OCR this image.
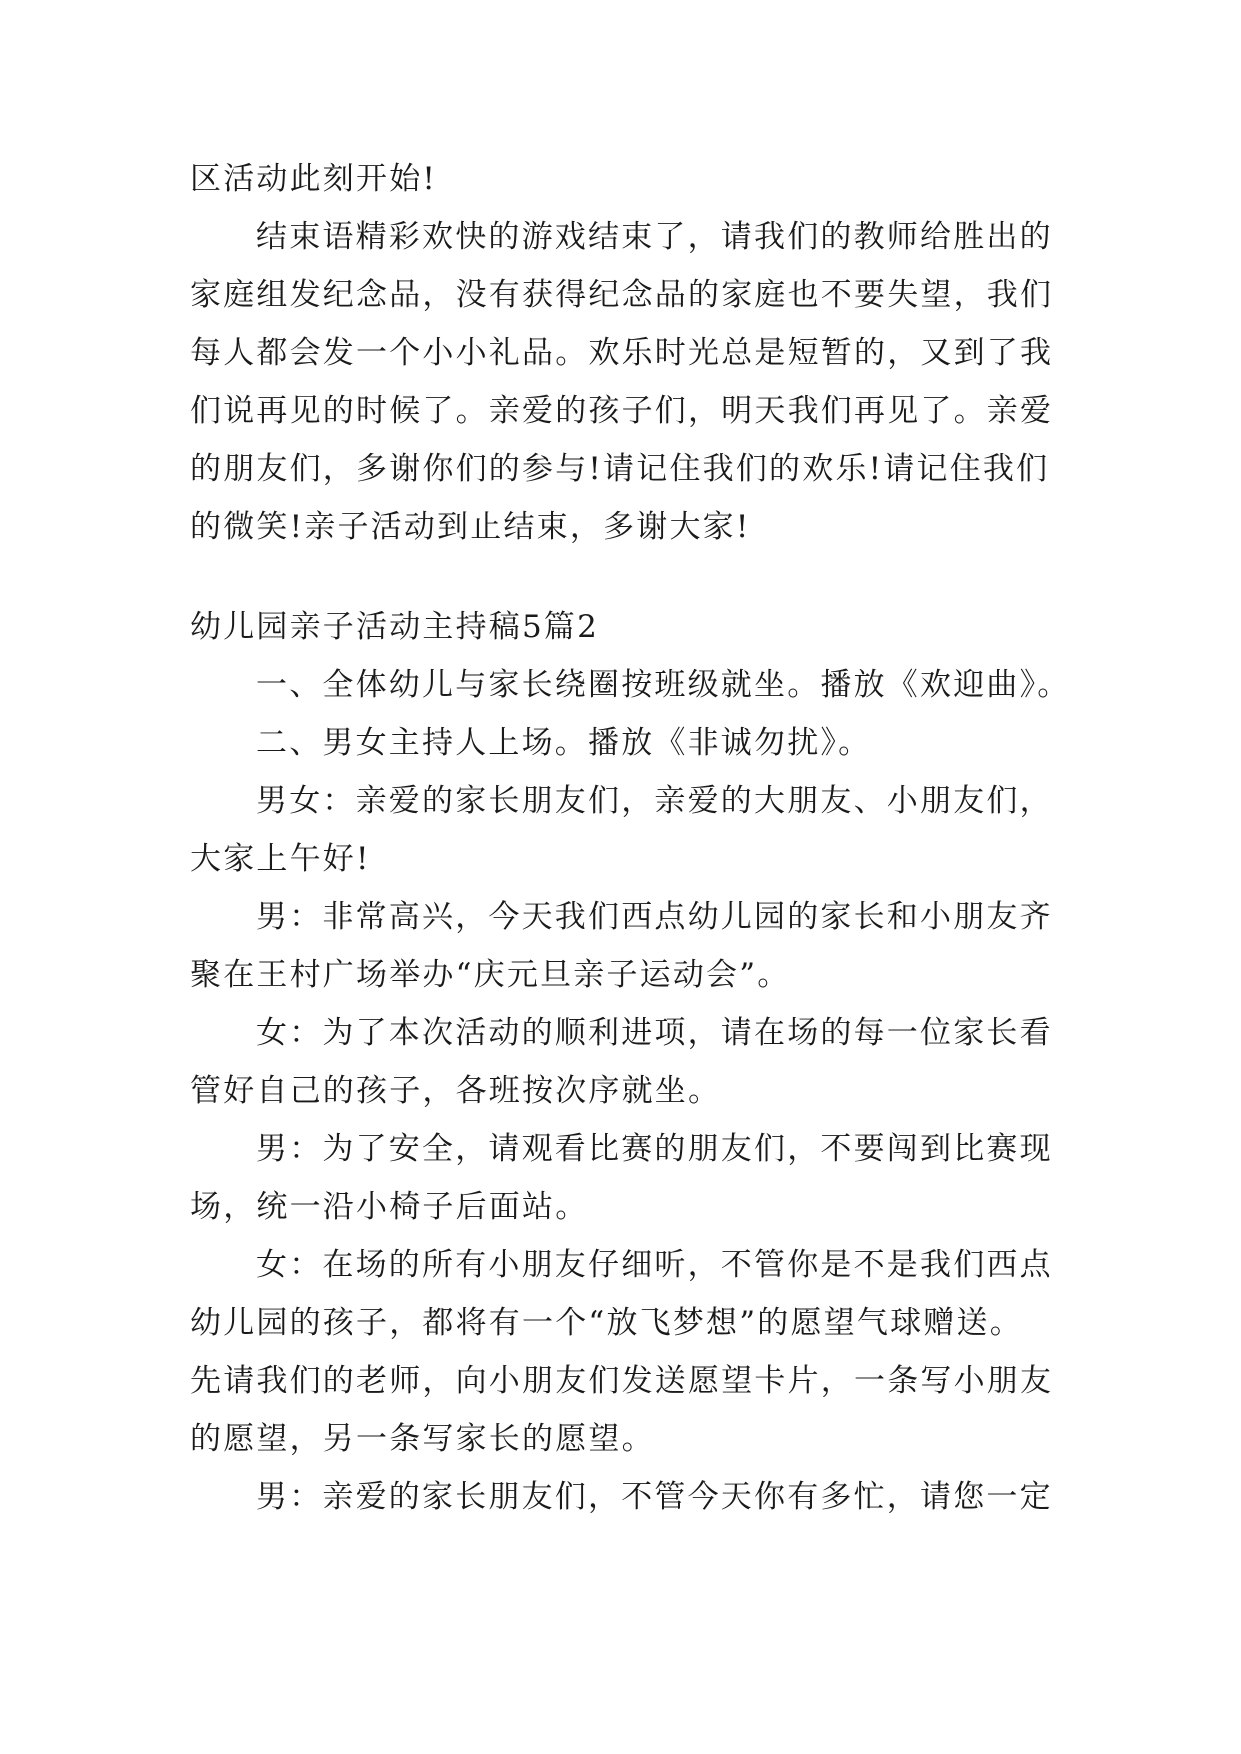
区活动此刻开始!

结束语精彩欢快的游戏结束了，请我们的教师给胜出的

家庭组发纪念品，没有获得纪念品的家庭也不要失望，我们

每人都会发一个小小礼品。欢乐时光总是短暂的，又到了我

们说再见的时候了。亲爱的孩子们，明天我们再见了。亲爱

的朋友们，多谢你们的参与!请记住我们的欢乐!请记住我们

的微笑!亲子活动到止结束，多谢大家!

幼儿园亲子活动主持稿5篇2

一、全体幼儿与家长绕圈按班级就坐。播放《欢迎曲》。

二、男女主持人上场。播放《非诚勿扰》。

男女：亲爱的家长朋友们，亲爱的大朋友、小朋友们，

大家上午好!

男：非常高兴，今天我们西点幼儿园的家长和小朋友齐

聚在王村广场举办“庆元旦亲子运动会”。

女：为了本次活动的顺利进项，请在场的每一位家长看

管好自己的孩子，各班按次序就坐。

男：为了安全，请观看比赛的朋友们，不要闯到比赛现

场，统一沿小椅子后面站。

女：在场的所有小朋友仔细听，不管你是不是我们西点

幼儿园的孩子，都将有一个“放飞梦想”的愿望气球赠送。

先请我们的老师，向小朋友们发送愿望卡片，一条写小朋友

的愿望，另一条写家长的愿望。

男：亲爱的家长朋友们，不管今天你有多忙，请您一定
